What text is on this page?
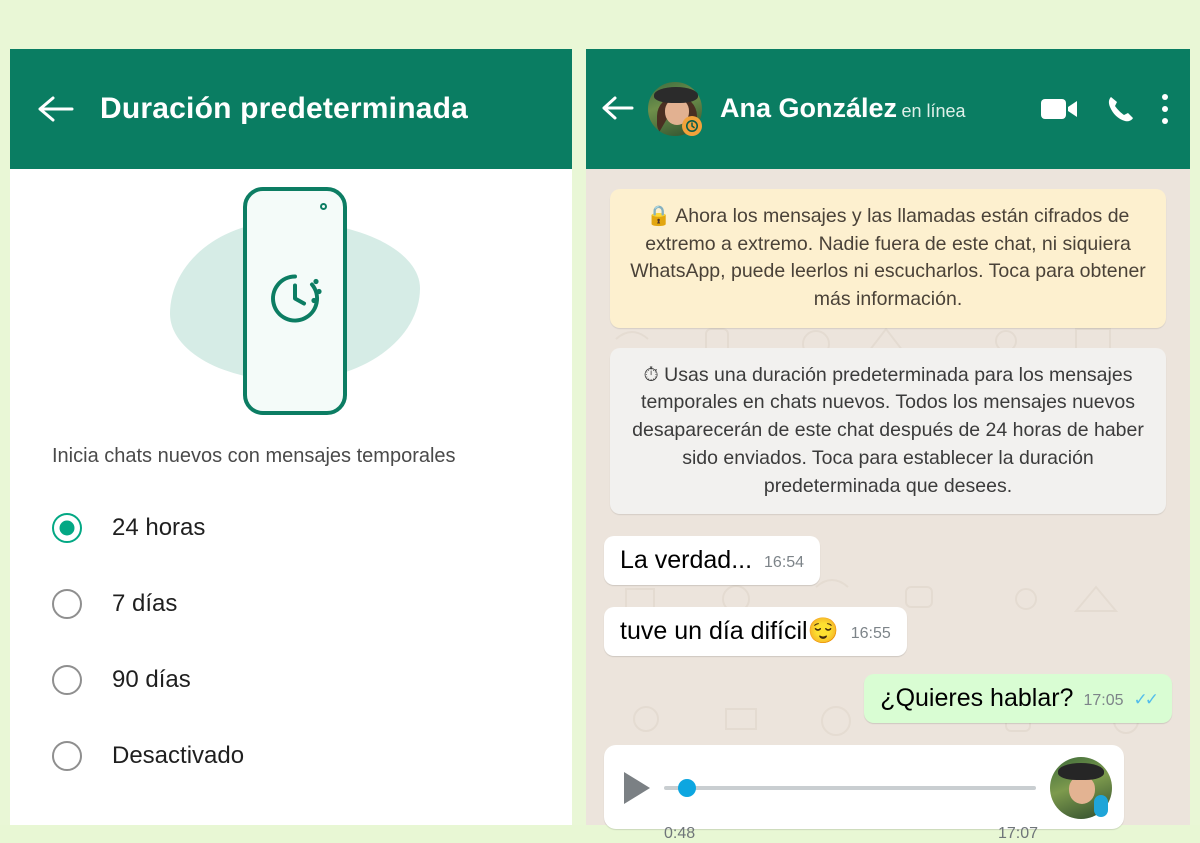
Duración predeterminada
Inicia chats nuevos con mensajes temporales
24 horas
7 días
90 días
Desactivado
Ana González en línea
🔒 Ahora los mensajes y las llamadas están cifrados de extremo a extremo. Nadie fuera de este chat, ni siquiera WhatsApp, puede leerlos ni escucharlos. Toca para obtener más información.
⏱ Usas una duración predeterminada para los mensajes temporales en chats nuevos. Todos los mensajes nuevos desaparecerán de este chat después de 24 horas de haber sido enviados. Toca para establecer la duración predeterminada que desees.
La verdad... 16:54
tuve un día difícil😌 16:55
¿Quieres hablar? 17:05 ✓✓
0:48	17:07
